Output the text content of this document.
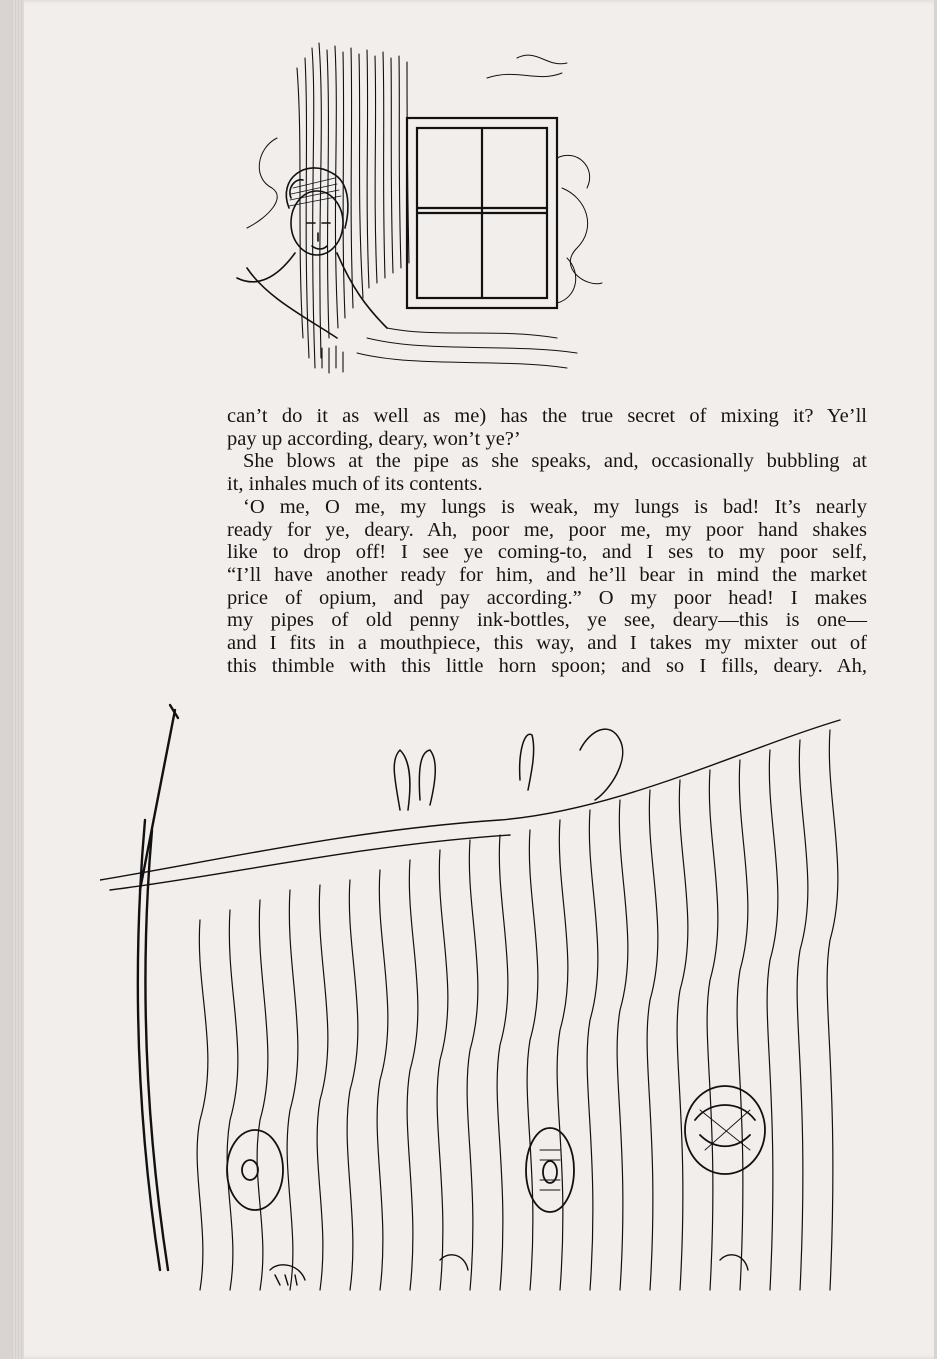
can’t do it as well as me) has the true secret of mixing it? Ye’ll
pay up according, deary, won’t ye?’
She blows at the pipe as she speaks, and, occasionally bubbling at
it, inhales much of its contents.
‘O me, O me, my lungs is weak, my lungs is bad! It’s nearly
ready for ye, deary. Ah, poor me, poor me, my poor hand shakes
like to drop off! I see ye coming-to, and I ses to my poor self,
“I’ll have another ready for him, and he’ll bear in mind the market
price of opium, and pay according.” O my poor head! I makes
my pipes of old penny ink-bottles, ye see, deary—this is one—
and I fits in a mouthpiece, this way, and I takes my mixter out of
this thimble with this little horn spoon; and so I fills, deary. Ah,
